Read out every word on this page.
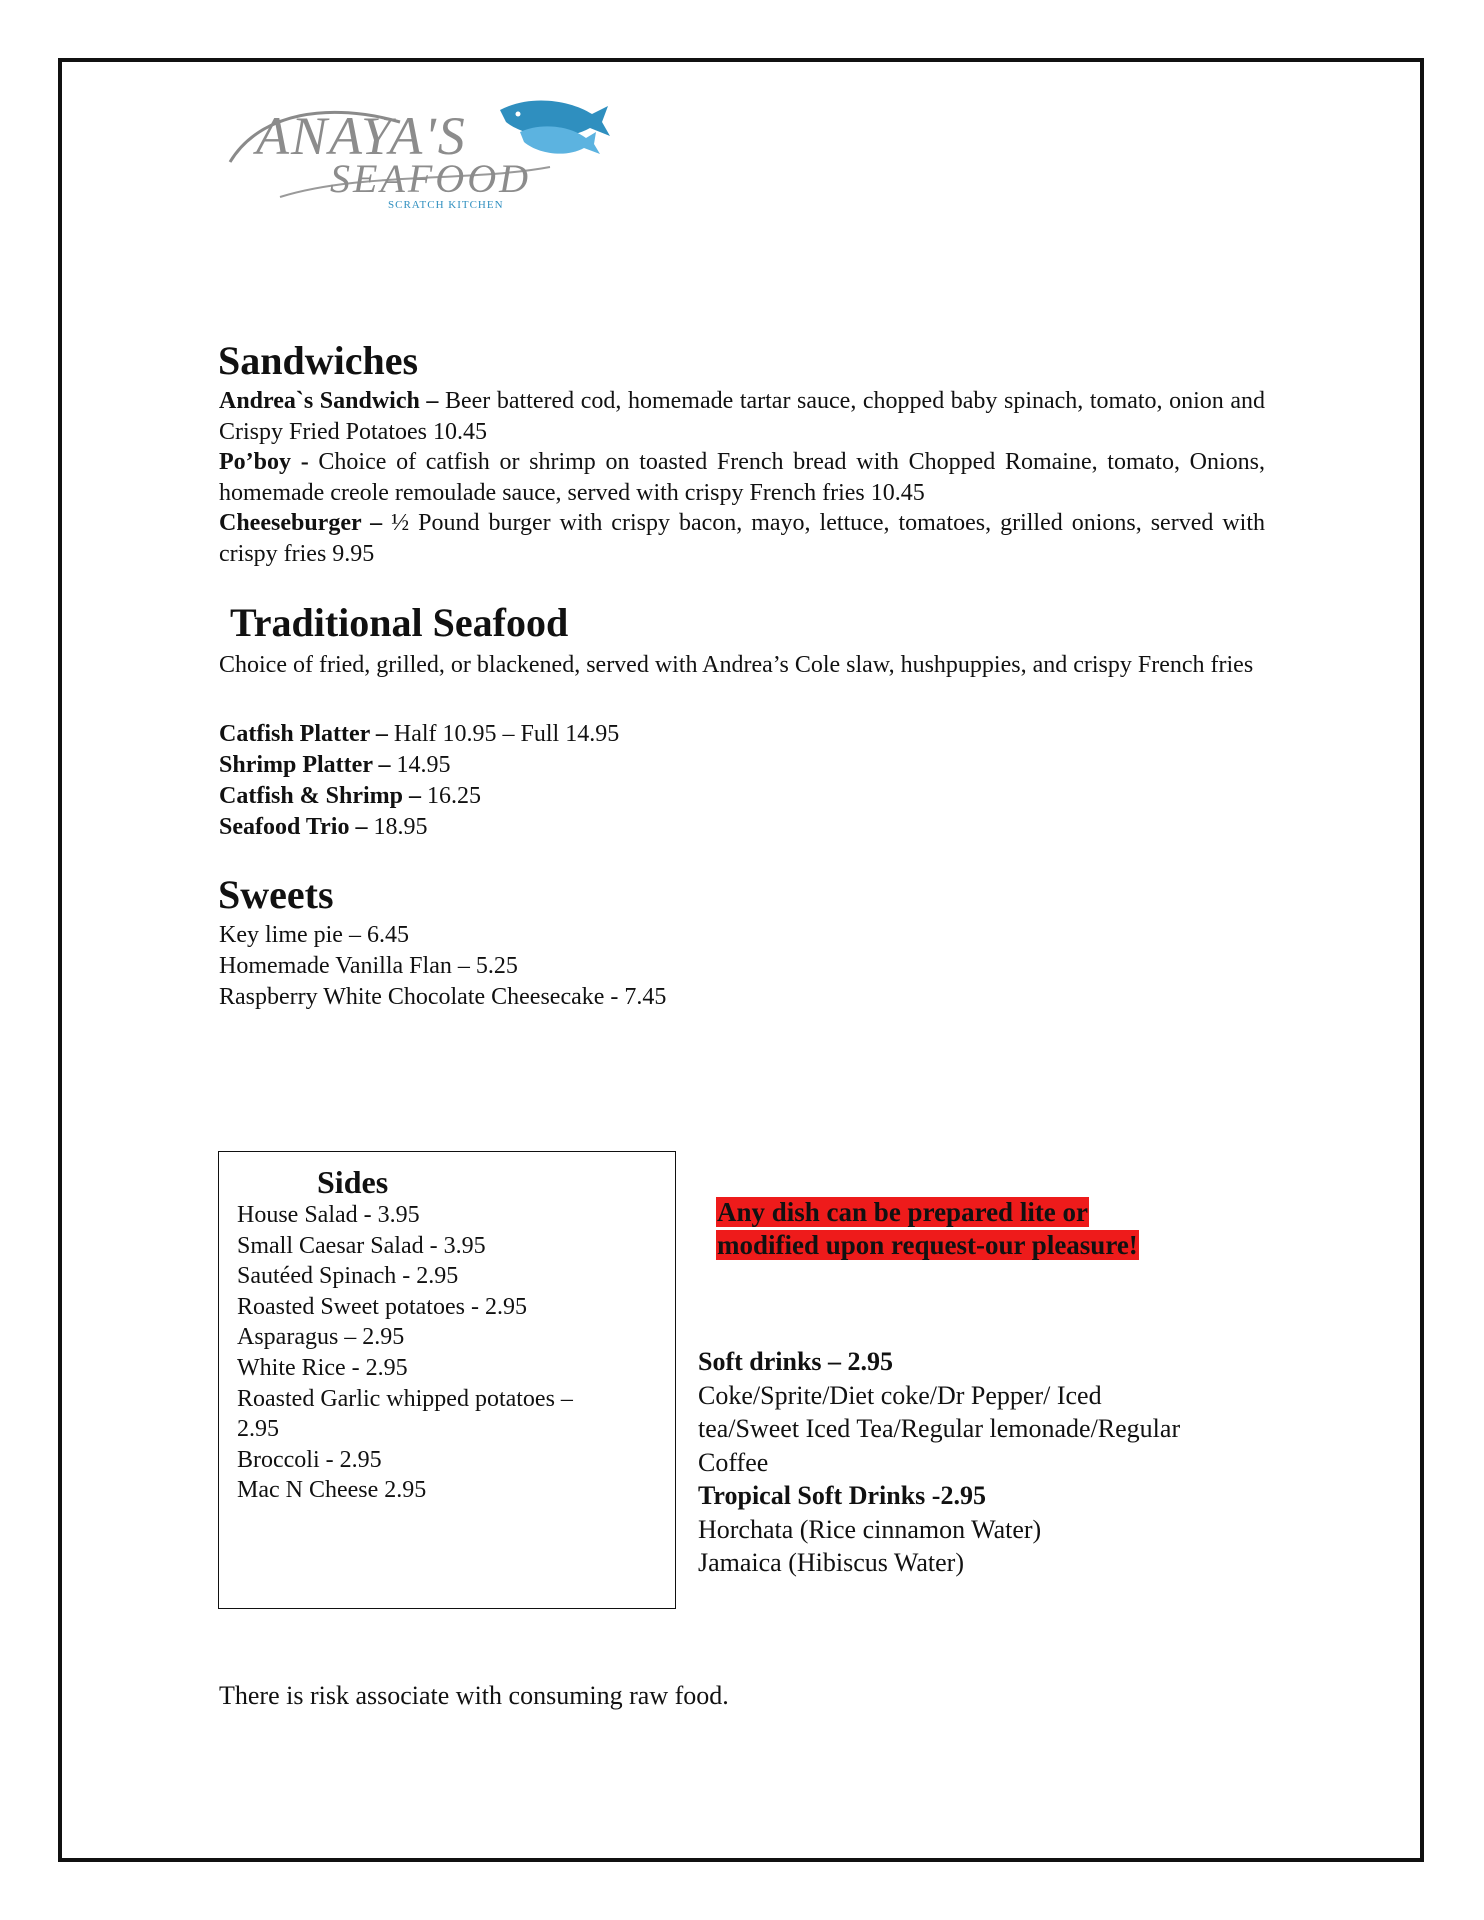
ANAYA'S
SEAFOOD
SCRATCH KITCHEN
Sandwiches

Andrea`s Sandwich – Beer battered cod, homemade tartar sauce, chopped baby spinach, tomato, onion and Crispy Fried Potatoes 10.45

Po’boy - Choice of catfish or shrimp on toasted French bread with Chopped Romaine, tomato, Onions, homemade creole remoulade sauce, served with crispy French fries 10.45

Cheeseburger – ½ Pound burger with crispy bacon, mayo, lettuce, tomatoes, grilled onions, served with crispy fries 9.95

Traditional Seafood

Choice of fried, grilled, or blackened, served with Andrea’s Cole slaw, hushpuppies, and crispy French fries

Catfish Platter – Half 10.95 – Full 14.95
Shrimp Platter – 14.95
Catfish & Shrimp – 16.25
Seafood Trio – 18.95
Sweets
Key lime pie – 6.45
Homemade Vanilla Flan – 5.25
Raspberry White Chocolate Cheesecake - 7.45
Sides
House Salad - 3.95
Small Caesar Salad - 3.95
Sautéed Spinach - 2.95
Roasted Sweet potatoes - 2.95
Asparagus – 2.95
White Rice - 2.95
Roasted Garlic whipped potatoes –
2.95
Broccoli - 2.95
Mac N Cheese 2.95
Any dish can be prepared lite or
modified upon request-our pleasure!
Soft drinks – 2.95
Coke/Sprite/Diet coke/Dr Pepper/ Iced
tea/Sweet Iced Tea/Regular lemonade/Regular
Coffee
Tropical Soft Drinks -2.95
Horchata (Rice cinnamon Water)
Jamaica (Hibiscus Water)
There is risk associate with consuming raw food.
